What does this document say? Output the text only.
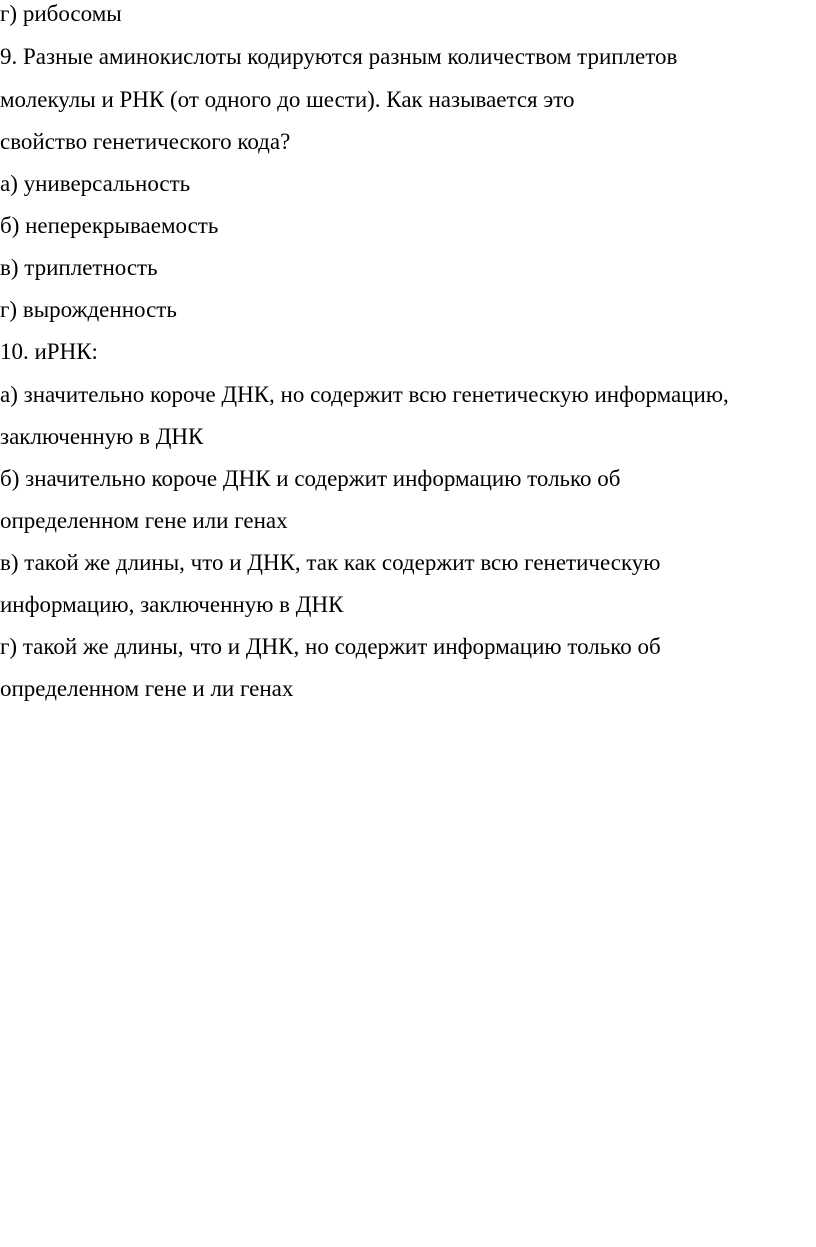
г) рибосомы

9. Разные аминокислоты кодируются разным количеством триплетов

молекулы и РНК (от одного до шести). Как называется это

свойство генетического кода?

а) универсальность

б) неперекрываемость

в) триплетность

г) вырожденность

10. иРНК:

а) значительно короче ДНК, но содержит всю генетическую информацию,

заключенную в ДНК

б) значительно короче ДНК и содержит информацию только об

определенном гене или генах

в) такой же длины, что и ДНК, так как содержит всю генетическую

информацию, заключенную в ДНК

г) такой же длины, что и ДНК, но содержит информацию только об

определенном гене и ли генах
